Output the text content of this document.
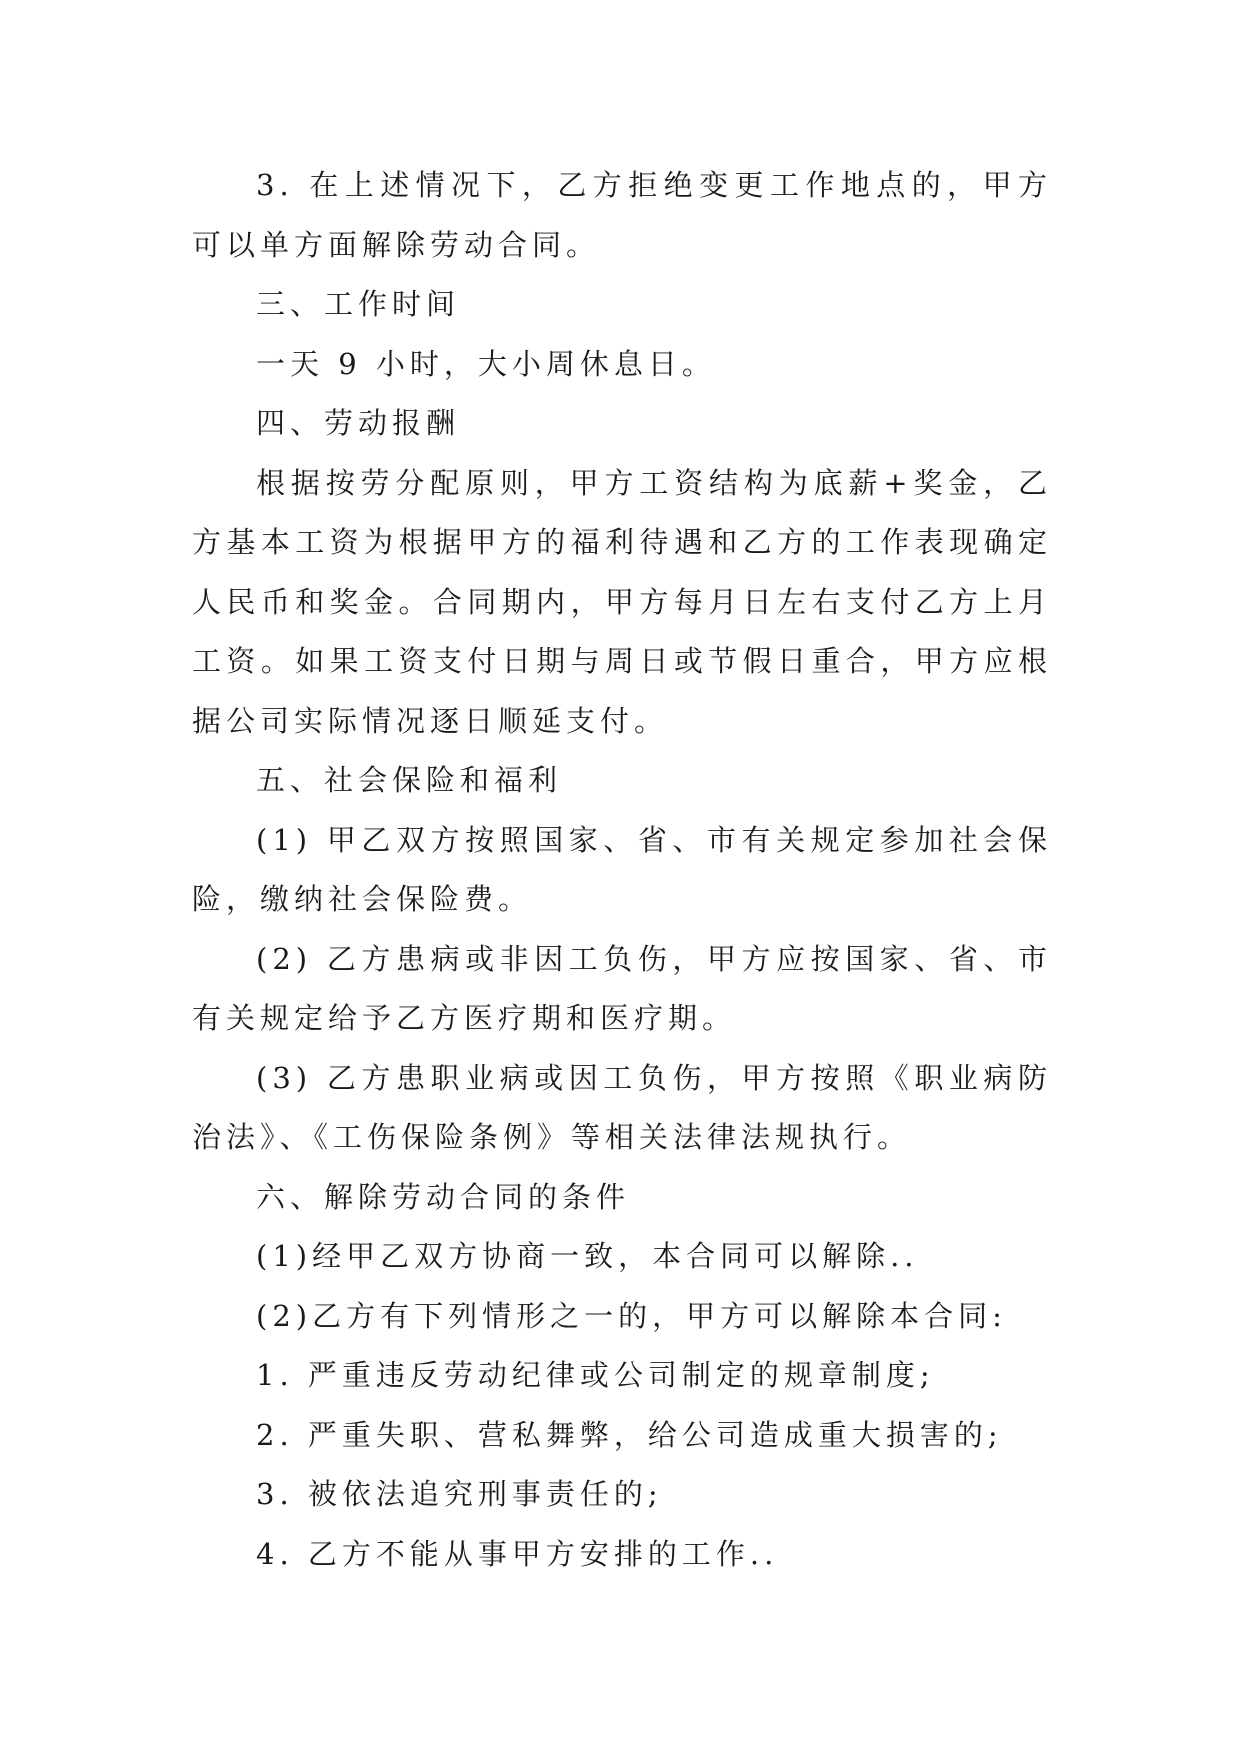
3. 在上述情况下，乙方拒绝变更工作地点的，甲方可以单方面解除劳动合同。

三、工作时间

一天 9 小时，大小周休息日。

四、劳动报酬

根据按劳分配原则，甲方工资结构为底薪+奖金，乙方基本工资为根据甲方的福利待遇和乙方的工作表现确定人民币和奖金。合同期内，甲方每月日左右支付乙方上月工资。如果工资支付日期与周日或节假日重合，甲方应根据公司实际情况逐日顺延支付。

五、社会保险和福利

(1) 甲乙双方按照国家、省、市有关规定参加社会保险，缴纳社会保险费。

(2) 乙方患病或非因工负伤，甲方应按国家、省、市有关规定给予乙方医疗期和医疗期。

(3) 乙方患职业病或因工负伤，甲方按照《职业病防治法》、《工伤保险条例》等相关法律法规执行。

六、解除劳动合同的条件

(1)经甲乙双方协商一致，本合同可以解除..

(2)乙方有下列情形之一的，甲方可以解除本合同:

1. 严重违反劳动纪律或公司制定的规章制度;

2. 严重失职、营私舞弊，给公司造成重大损害的;

3. 被依法追究刑事责任的;

4. 乙方不能从事甲方安排的工作..
